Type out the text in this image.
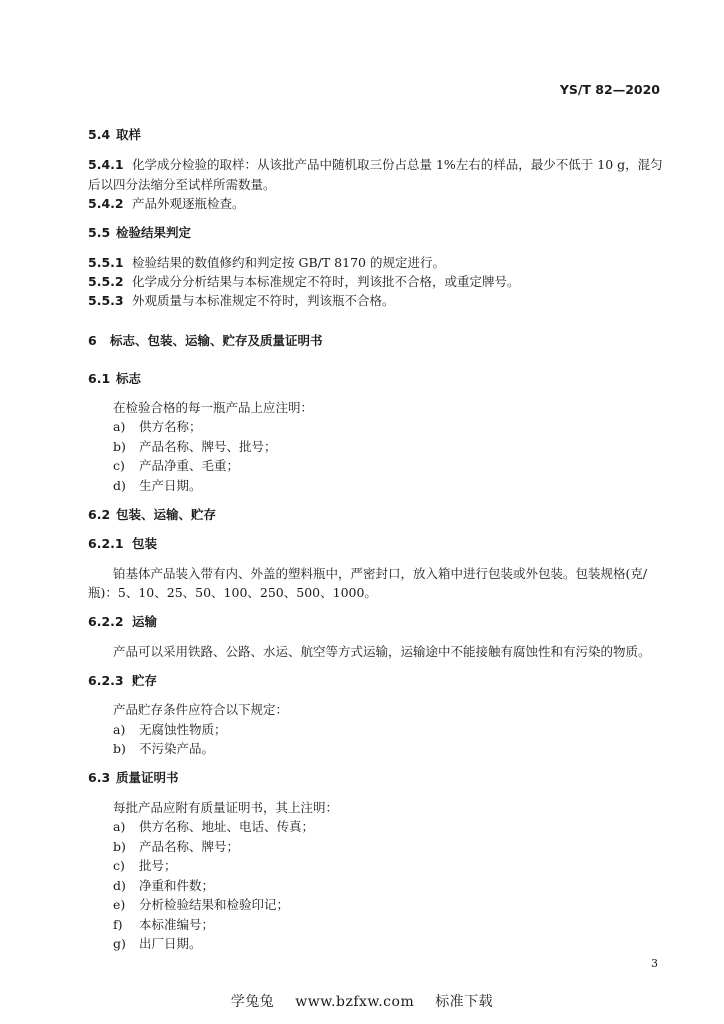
YS/T 82—2020
5.4 取样
5.4.1 化学成分检验的取样：从该批产品中随机取三份占总量 1%左右的样品，最少不低于 10 g，混匀
后以四分法缩分至试样所需数量。
5.4.2 产品外观逐瓶检查。
5.5 检验结果判定
5.5.1 检验结果的数值修约和判定按 GB/T 8170 的规定进行。
5.5.2 化学成分分析结果与本标准规定不符时，判该批不合格，或重定牌号。
5.5.3 外观质量与本标准规定不符时，判该瓶不合格。
6 标志、包装、运输、贮存及质量证明书
6.1 标志
在检验合格的每一瓶产品上应注明：
a) 供方名称；
b) 产品名称、牌号、批号；
c) 产品净重、毛重；
d) 生产日期。
6.2 包装、运输、贮存
6.2.1 包装
铂基体产品装入带有内、外盖的塑料瓶中，严密封口，放入箱中进行包装或外包装。包装规格(克/
瓶)：5、10、25、50、100、250、500、1000。
6.2.2 运输
产品可以采用铁路、公路、水运、航空等方式运输，运输途中不能接触有腐蚀性和有污染的物质。
6.2.3 贮存
产品贮存条件应符合以下规定：
a) 无腐蚀性物质；
b) 不污染产品。
6.3 质量证明书
每批产品应附有质量证明书，其上注明：
a) 供方名称、地址、电话、传真；
b) 产品名称、牌号；
c) 批号；
d) 净重和件数；
e) 分析检验结果和检验印记；
f) 本标准编号；
g) 出厂日期。
3
学兔兔 www.bzfxw.com 标准下载
